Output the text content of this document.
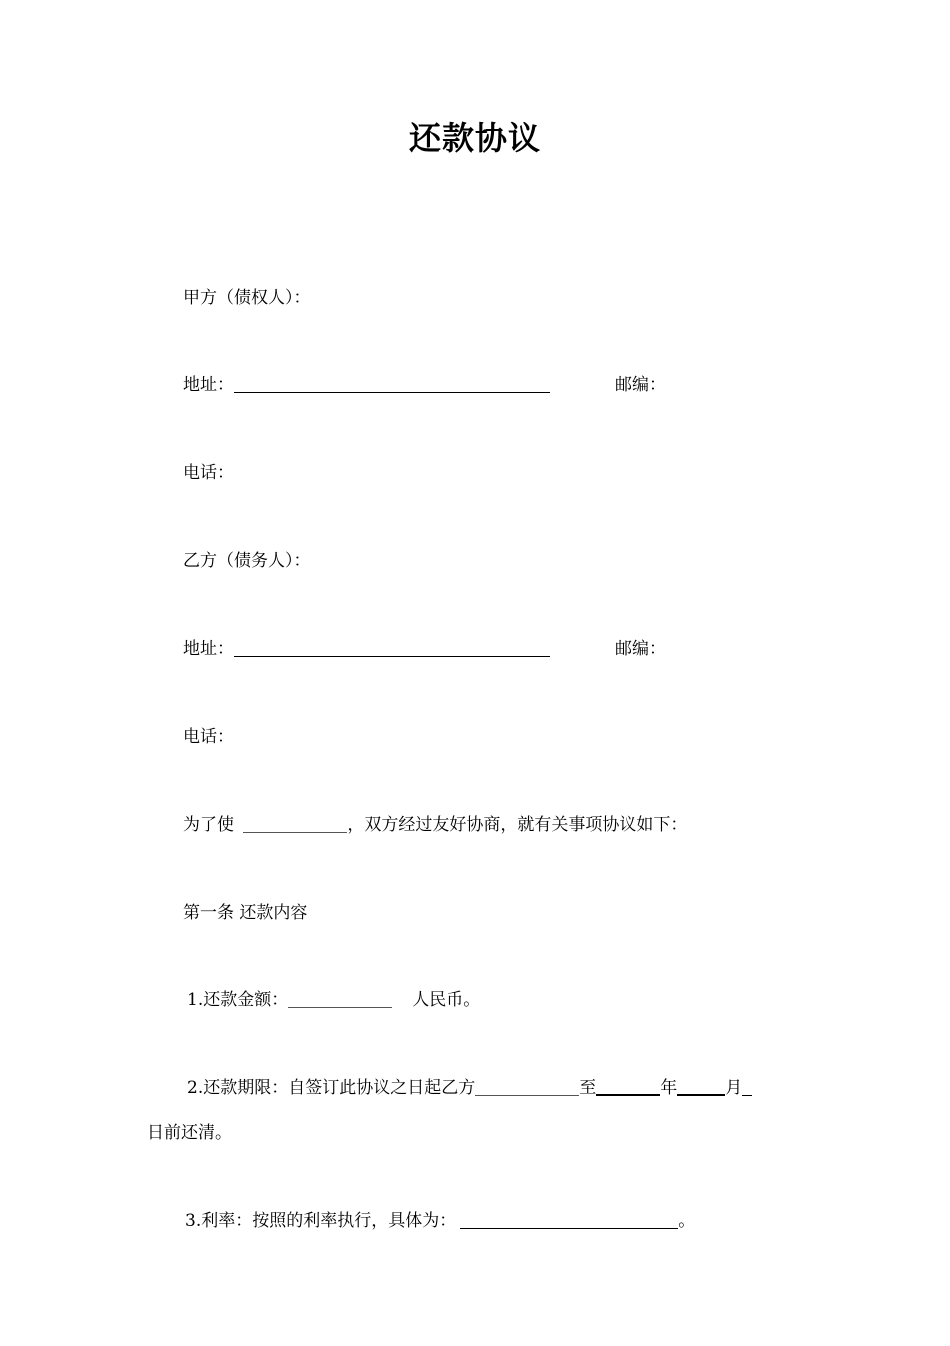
还款协议
甲方（债权人）：
地址：	邮编：
电话：
乙方（债务人）：
地址：	邮编：
电话：
为了使	，双方经过友好协商，就有关事项协议如下：
第一条 还款内容
1.还款金额：	人民币。
2.还款期限：自签订此协议之日起乙方	至	年	月
日前还清。
3.利率：按照的利率执行，具体为：	。
